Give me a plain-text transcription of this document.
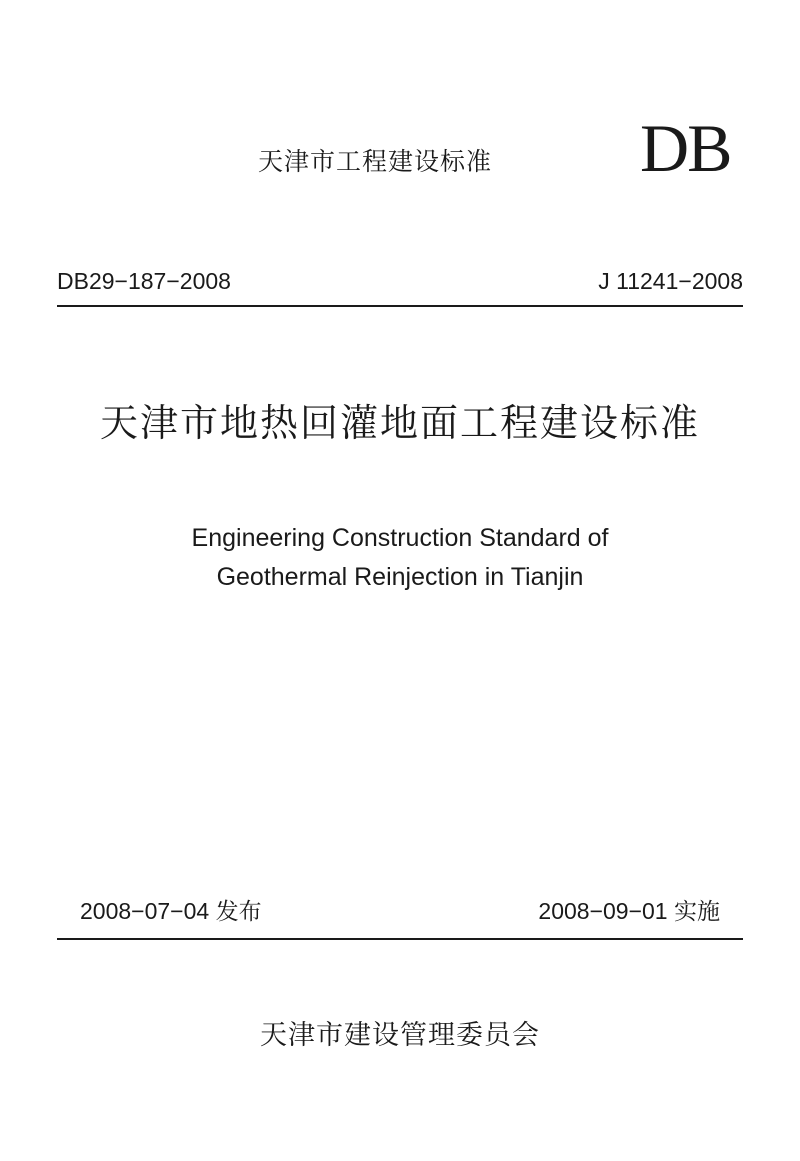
天津市工程建设标准 DB
DB29−187−2008	J 11241−2008
天津市地热回灌地面工程建设标准
Engineering Construction Standard of
Geothermal Reinjection in Tianjin
2008−07−04 发布	2008−09−01 实施
天津市建设管理委员会
